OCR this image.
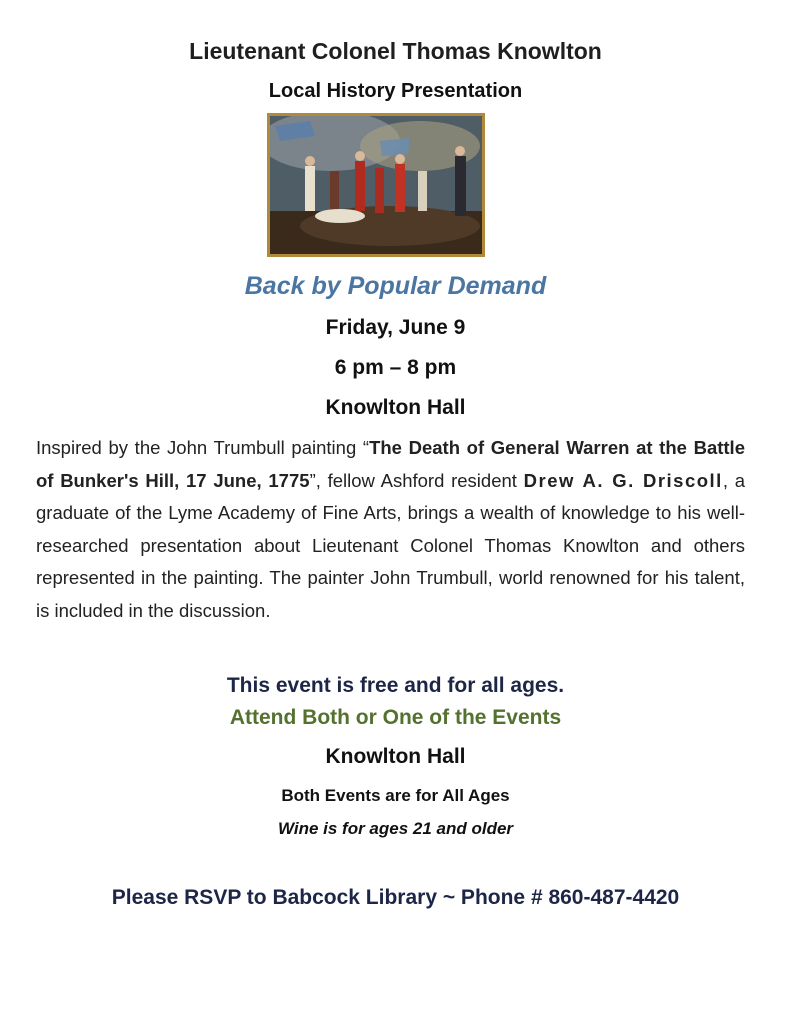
Lieutenant Colonel Thomas Knowlton
Local History Presentation
Back by Popular Demand
Friday, June 9
6 pm – 8 pm
Knowlton Hall
Inspired by the John Trumbull painting “The Death of General Warren at the Battle of Bunker's Hill, 17 June, 1775”, fellow Ashford resident Drew A. G. Driscoll, a graduate of the Lyme Academy of Fine Arts, brings a wealth of knowledge to his well-researched presentation about Lieutenant Colonel Thomas Knowlton and others represented in the painting. The painter John Trumbull, world renowned for his talent, is included in the discussion.
This event is free and for all ages.
Attend Both or One of the Events
Knowlton Hall
Both Events are for All Ages
Wine is for ages 21 and older
Please RSVP to Babcock Library ~ Phone # 860-487-4420
